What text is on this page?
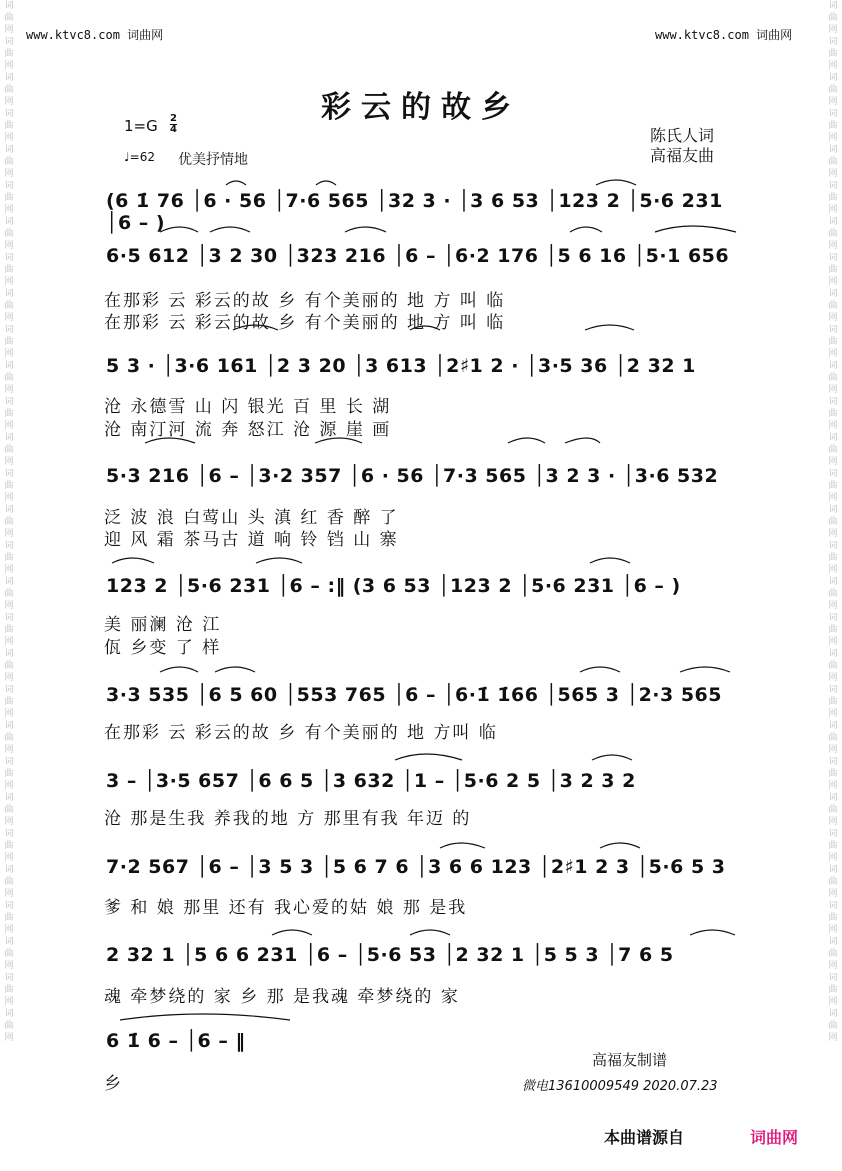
词曲网词曲网词曲网词曲网词曲网词曲网词曲网词曲网词曲网词曲网词曲网词曲网词曲网词曲网词曲网词曲网词曲网词曲网词曲网词曲网词曲网词曲网词曲网词曲网词曲网词曲网词曲网词曲网词曲网
词曲网词曲网词曲网词曲网词曲网词曲网词曲网词曲网词曲网词曲网词曲网词曲网词曲网词曲网词曲网词曲网词曲网词曲网词曲网词曲网词曲网词曲网词曲网词曲网词曲网词曲网词曲网词曲网词曲网
www.ktvc8.com 词曲网	www.ktvc8.com 词曲网
彩云的故乡
1=G 2
4
♩=62 优美抒情地
陈氏人词
高福友曲
(6 1̇ 76 │6 · 56 │7·6 565 │32 3 · │3 6 53 │123 2 │5·6 231 │6 – )
6·5 612 │3 2 30 │323 216 │6 – │6·2 176 │5 6 16 │5·1 656
在那彩 云 彩云的故 乡 有个美丽的 地 方 叫 临
在那彩 云 彩云的故 乡 有个美丽的 地 方 叫 临
5 3 · │3·6 161 │2 3 20 │3 613 │2♯1 2 · │3·5 36 │2 32 1
沧 永德雪 山 闪 银光 百 里 长 湖
沧 南汀河 流 奔 怒江 沧 源 崖 画
5·3 216 │6 – │3·2 357 │6 · 56 │7·3 565 │3 2 3 · │3·6 532
泛 波 浪 白莺山 头 滇 红 香 醉 了
迎 风 霜 茶马古 道 响 铃 铛 山 寨
123 2 │5·6 231 │6 – :‖ (3 6 53 │123 2 │5·6 231 │6 – )
美 丽澜 沧 江
佤 乡变 了 样
3·3 535 │6 5 60 │553 765 │6 – │6·1̇ 1̇66 │565 3 │2·3 565
在那彩 云 彩云的故 乡 有个美丽的 地 方叫 临
3 – │3·5 657 │6 6 5 │3 632 │1 – │5·6 2 5 │3 2 3 2
沧 那是生我 养我的地 方 那里有我 年迈 的
7·2 567 │6 – │3 5 3 │5 6 7 6 │3 6 6 123 │2♯1 2 3 │5·6 5 3
爹 和 娘 那里 还有 我心爱的姑 娘 那 是我
2 32 1 │5 6 6 231 │6 – │5·6 53 │2 32 1 │5 5 3 │7 6 5
魂 牵梦绕的 家 乡 那 是我魂 牵梦绕的 家
6 1̇ 6 – │6 – ‖
乡
高福友制谱
微电13610009549 2020.07.23
本曲谱源自	词曲网
